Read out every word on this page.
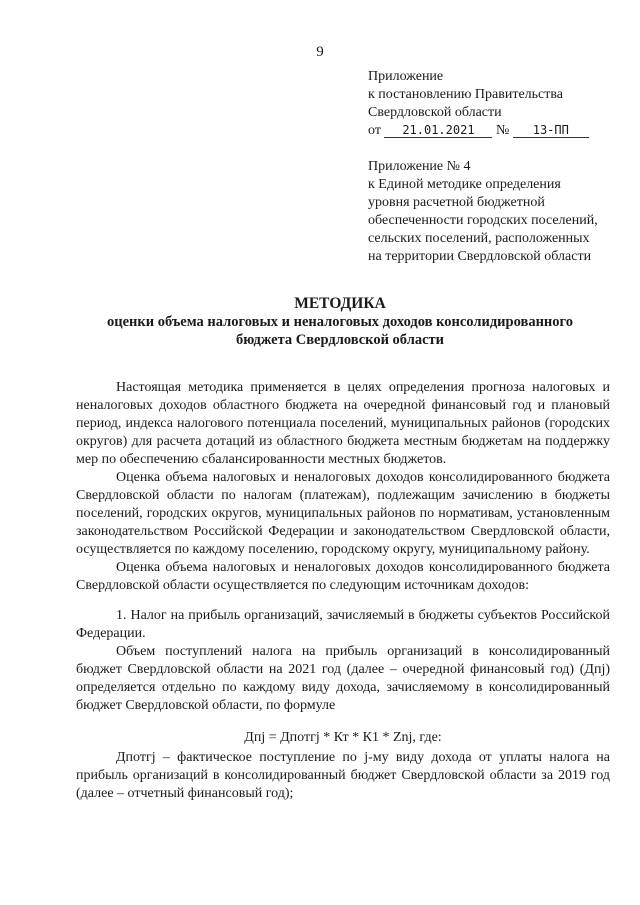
9
Приложение
к постановлению Правительства
Свердловской области
от 21.01.2021 № 13-ПП
Приложение № 4
к Единой методике определения
уровня расчетной бюджетной
обеспеченности городских поселений,
сельских поселений, расположенных
на территории Свердловской области
МЕТОДИКА
оценки объема налоговых и неналоговых доходов консолидированного
бюджета Свердловской области

Настоящая методика применяется в целях определения прогноза налоговых и неналоговых доходов областного бюджета на очередной финансовый год и плановый период, индекса налогового потенциала поселений, муниципальных районов (городских округов) для расчета дотаций из областного бюджета местным бюджетам на поддержку мер по обеспечению сбалансированности местных бюджетов.

Оценка объема налоговых и неналоговых доходов консолидированного бюджета Свердловской области по налогам (платежам), подлежащим зачислению в бюджеты поселений, городских округов, муниципальных районов по нормативам, установленным законодательством Российской Федерации и законодательством Свердловской области, осуществляется по каждому поселению, городскому округу, муниципальному району.

Оценка объема налоговых и неналоговых доходов консолидированного бюджета Свердловской области осуществляется по следующим источникам доходов:

1. Налог на прибыль организаций, зачисляемый в бюджеты субъектов Российской Федерации.

Объем поступлений налога на прибыль организаций в консолидированный бюджет Свердловской области на 2021 год (далее – очередной финансовый год) (Дпj) определяется отдельно по каждому виду дохода, зачисляемому в консолидированный бюджет Свердловской области, по формуле

Дпj = Дпотгj * Кт * К1 * Znj, где:

Дпотгj – фактическое поступление по j-му виду дохода от уплаты налога на прибыль организаций в консолидированный бюджет Свердловской области за 2019 год (далее – отчетный финансовый год);
